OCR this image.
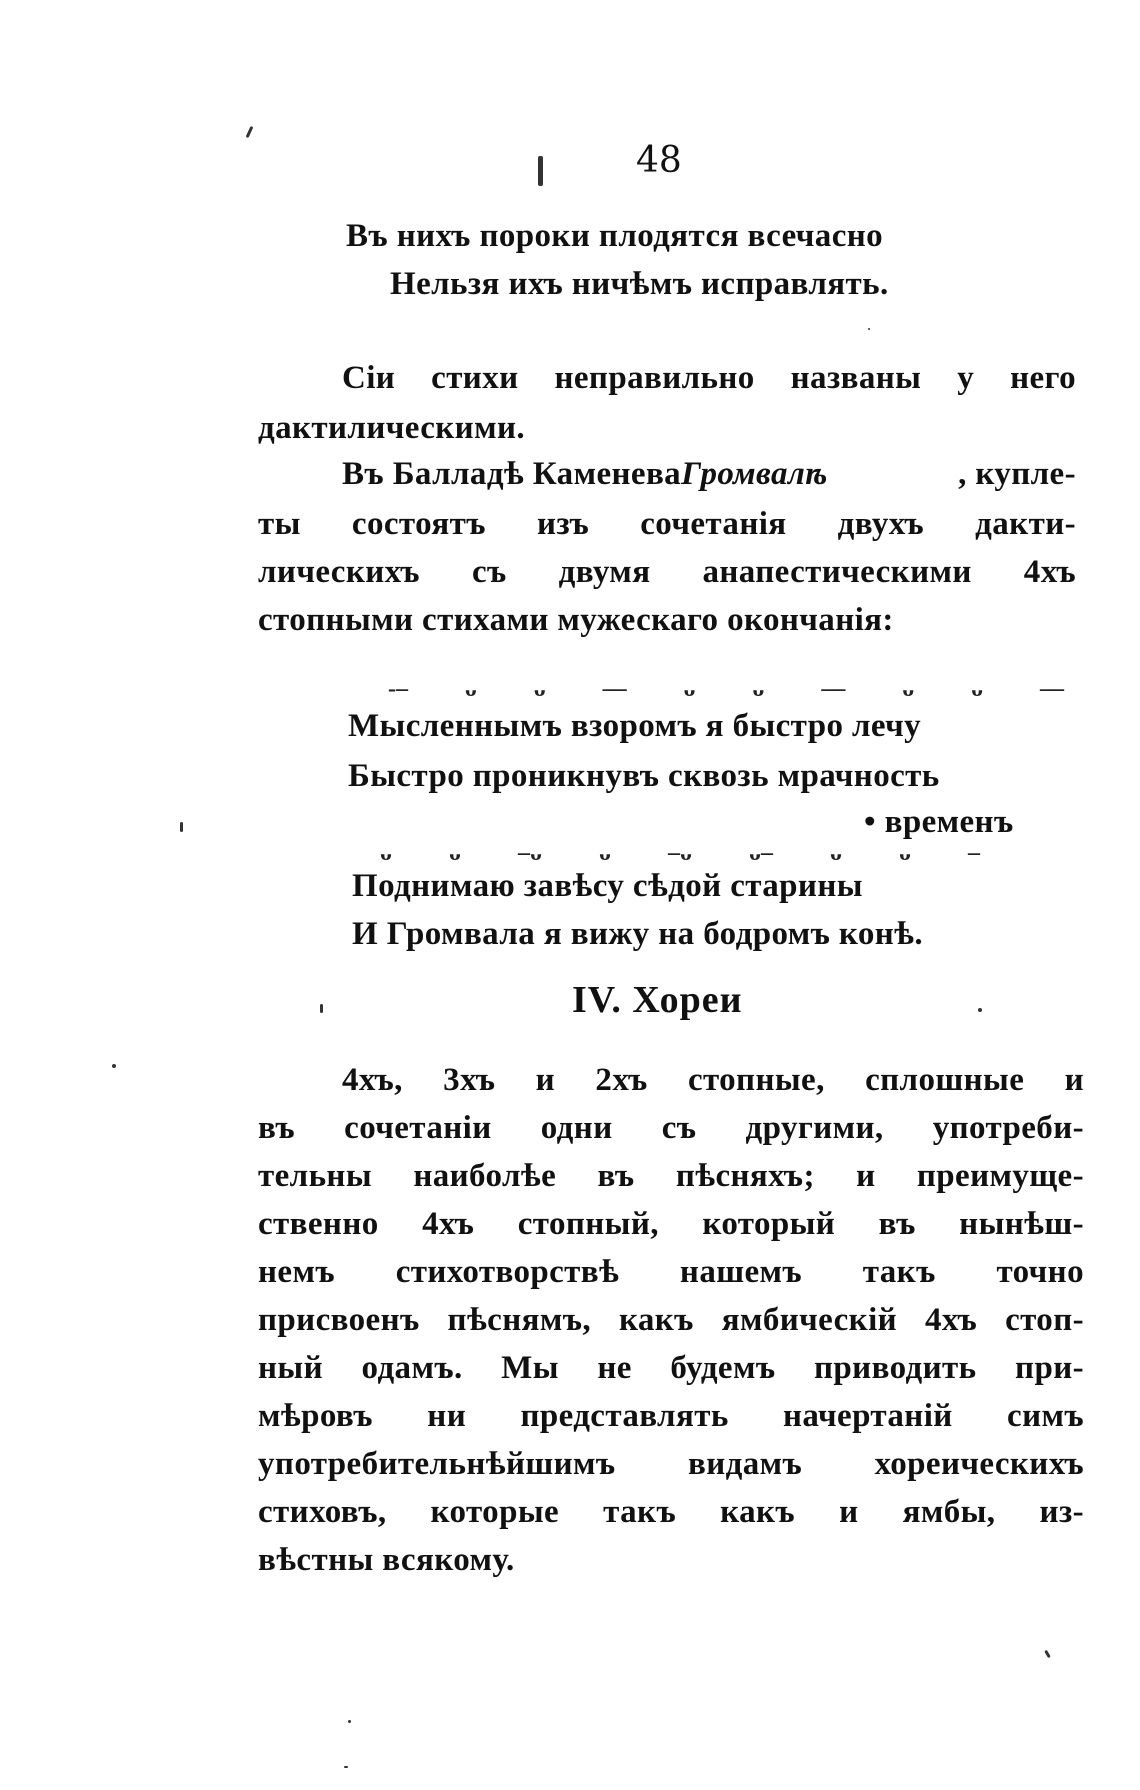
48
Въ нихъ пороки плодятся всечасно
Нельзя ихъ ничѣмъ исправлять.
Сіи стихи неправильно названы у него
дактилическими.
Въ Балладѣ Каменева Громвалѣ	, купле-
ты состоятъ изъ сочетанія двухъ дакти-
лическихъ съ двумя анапестическими 4хъ
стопными стихами мужескаго окончанія:
-– ᴗ ᴗ –– ᴗ ᴗ –– ᴗ ᴗ ––
Мысленнымъ взоромъ я быстро лечу
Быстро проникнувъ сквозь мрачность
• временъ
ᴗ ᴗ –ᴗ ᴗ –ᴗ ᴗ– ᴗ ᴗ –
Поднимаю завѣсу сѣдой старины
И Громвала я вижу на бодромъ конѣ.
IV. Хореи
4хъ, 3хъ и 2хъ стопные, сплошные и
въ сочетаніи одни съ другими, употреби-
тельны наиболѣе въ пѣсняхъ; и преимуще-
ственно 4хъ стопный, который въ нынѣш-
немъ стихотворствѣ нашемъ такъ точно
присвоенъ пѣснямъ, какъ ямбическій 4хъ стоп-
ный одамъ. Мы не будемъ приводить при-
мѣровъ ни представлять начертаній симъ
употребительнѣйшимъ видамъ хореическихъ
стиховъ, которые такъ какъ и ямбы, из-
вѣстны всякому.
